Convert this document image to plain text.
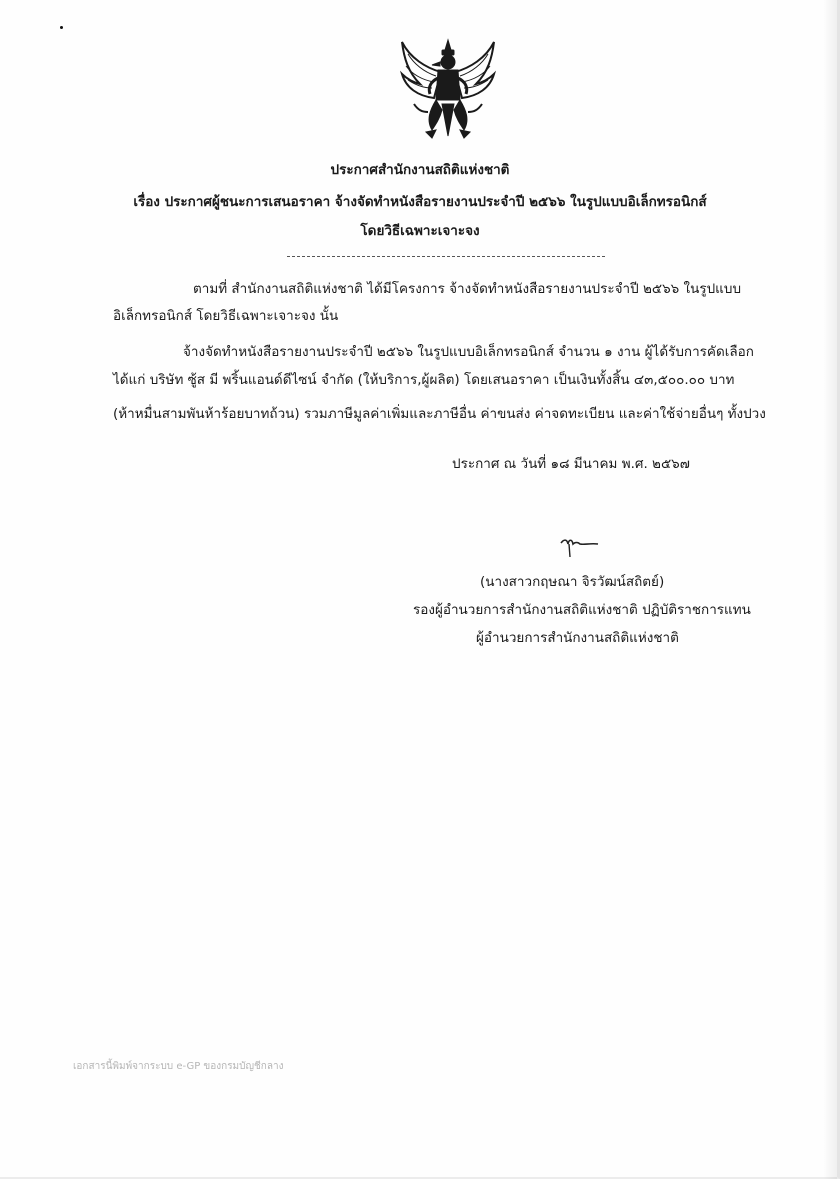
ประกาศสำนักงานสถิติแห่งชาติ
เรื่อง ประกาศผู้ชนะการเสนอราคา จ้างจัดทำหนังสือรายงานประจำปี ๒๕๖๖ ในรูปแบบอิเล็กทรอนิกส์
โดยวิธีเฉพาะเจาะจง
ตามที่ สำนักงานสถิติแห่งชาติ ได้มีโครงการ จ้างจัดทำหนังสือรายงานประจำปี ๒๕๖๖ ในรูปแบบ
อิเล็กทรอนิกส์ โดยวิธีเฉพาะเจาะจง นั้น
จ้างจัดทำหนังสือรายงานประจำปี ๒๕๖๖ ในรูปแบบอิเล็กทรอนิกส์ จำนวน ๑ งาน ผู้ได้รับการคัดเลือก
ได้แก่ บริษัท ซู้ส มี พริ้นแอนด์ดีไซน์ จำกัด (ให้บริการ,ผู้ผลิต) โดยเสนอราคา เป็นเงินทั้งสิ้น ๔๓,๕๐๐.๐๐ บาท
(ห้าหมื่นสามพันห้าร้อยบาทถ้วน) รวมภาษีมูลค่าเพิ่มและภาษีอื่น ค่าขนส่ง ค่าจดทะเบียน และค่าใช้จ่ายอื่นๆ ทั้งปวง
ประกาศ ณ วันที่ ๑๘ มีนาคม พ.ศ. ๒๕๖๗
(นางสาวกฤษณา จิรวัฒน์สถิตย์)
รองผู้อำนวยการสำนักงานสถิติแห่งชาติ ปฏิบัติราชการแทน
ผู้อำนวยการสำนักงานสถิติแห่งชาติ
เอกสารนี้พิมพ์จากระบบ e-GP ของกรมบัญชีกลาง
